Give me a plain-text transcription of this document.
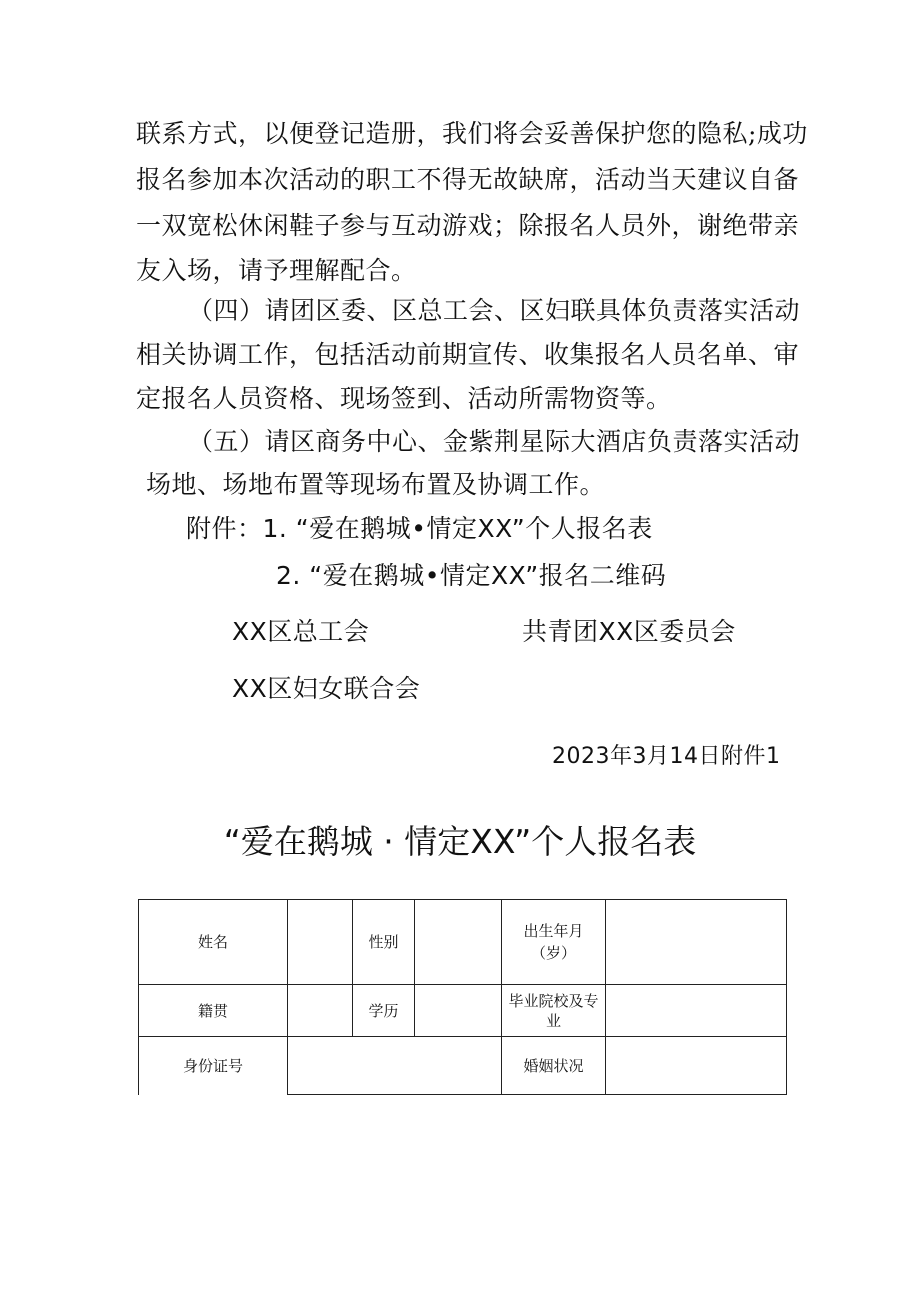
联系方式，以便登记造册，我们将会妥善保护您的隐私;成功
报名参加本次活动的职工不得无故缺席，活动当天建议自备
一双宽松休闲鞋子参与互动游戏；除报名人员外，谢绝带亲
友入场，请予理解配合。
（四）请团区委、区总工会、区妇联具体负责落实活动
相关协调工作，包括活动前期宣传、收集报名人员名单、审
定报名人员资格、现场签到、活动所需物资等。
（五）请区商务中心、金紫荆星际大酒店负责落实活动
场地、场地布置等现场布置及协调工作。
附件：1. “爱在鹅城•情定XX”个人报名表
2. “爱在鹅城•情定XX”报名二维码
XX区总工会	共青团XX区委员会
XX区妇女联合会
2023年3月14日附件1
“爱在鹅城 · 情定XX”个人报名表
姓名		性别		出生年月
（岁）	

籍贯		学历		毕业院校及专业	
身份证号				婚姻状况	
